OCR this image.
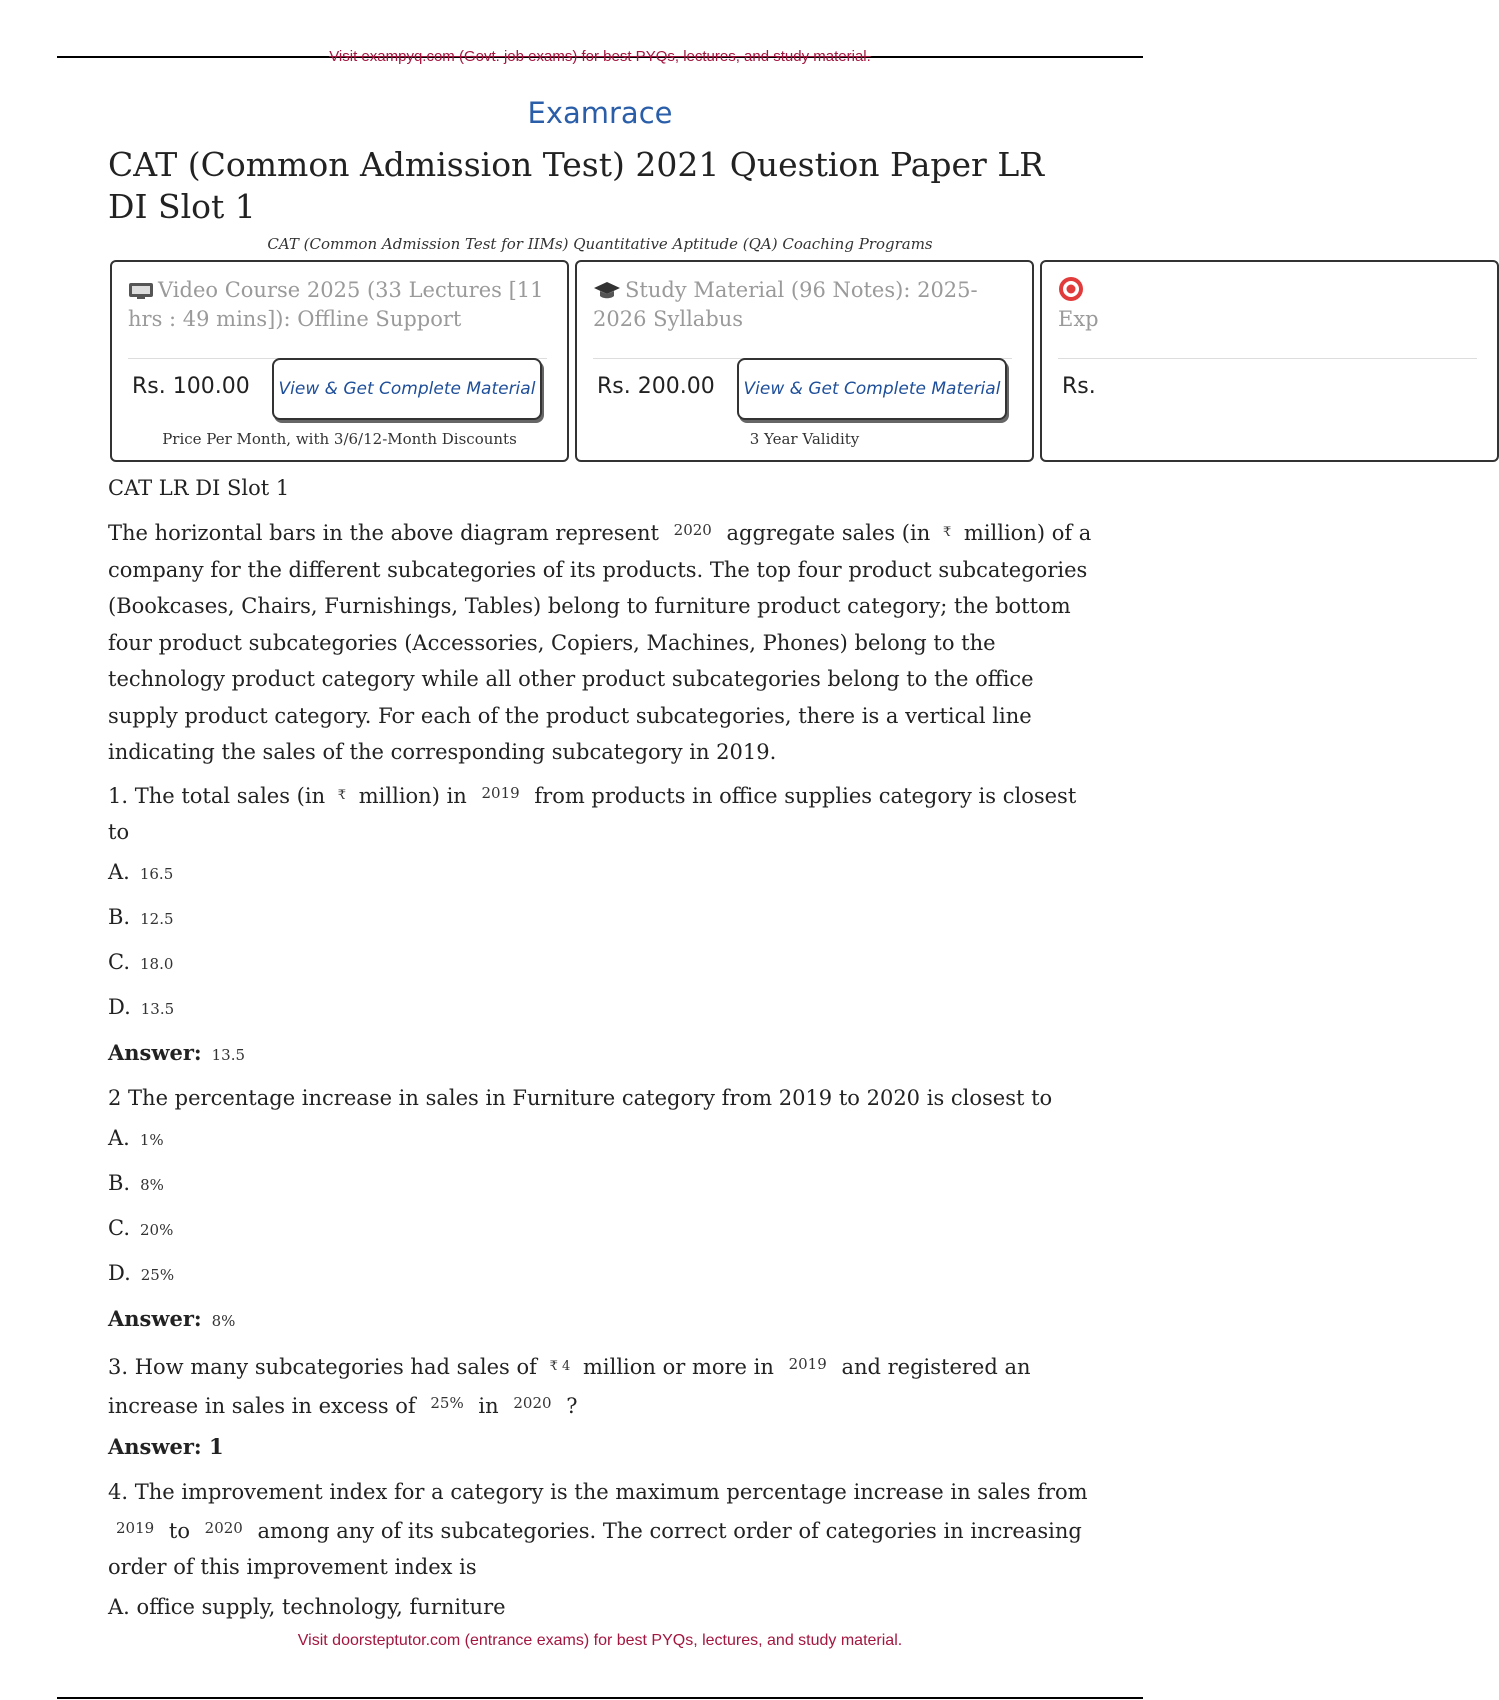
Visit exampyq.com (Govt. job exams) for best PYQs, lectures, and study material.
Examrace
CAT (Common Admission Test) 2021 Question Paper LR DI Slot 1
CAT (Common Admission Test for IIMs) Quantitative Aptitude (QA) Coaching Programs
Video Course 2025 (33 Lectures [11 hrs : 49 mins]): Offline Support
Rs. 100.00	View & Get Complete Material
Price Per Month, with 3/6/12-Month Discounts
Study Material (96 Notes): 2025-2026 Syllabus
Rs. 200.00	View & Get Complete Material
3 Year Validity

Exp
Rs.

CAT LR DI Slot 1

The horizontal bars in the above diagram represent $^{2020}$ aggregate sales (in ₹ million) of a company for the different subcategories of its products. The top four product subcategories (Bookcases, Chairs, Furnishings, Tables) belong to furniture product category; the bottom four product subcategories (Accessories, Copiers, Machines, Phones) belong to the technology product category while all other product subcategories belong to the office supply product category. For each of the product subcategories, there is a vertical line indicating the sales of the corresponding subcategory in 2019.

1. The total sales (in ₹ million) in $^{2019}$ from products in office supplies category is closest to

A. 16.5
B. 12.5
C. 18.0
D. 13.5
Answer: 13.5

2 The percentage increase in sales in Furniture category from 2019 to 2020 is closest to

A. 1%
B. 8%
C. 20%
D. 25%
Answer: 8%

3. How many subcategories had sales of ₹ 4 million or more in $^{2019}$ and registered an increase in sales in excess of $^{25\%}$ in $^{2020}$ ?

Answer: 1

4. The improvement index for a category is the maximum percentage increase in sales from $^{2019}$ to $^{2020}$ among any of its subcategories. The correct order of categories in increasing order of this improvement index is

A. office supply, technology, furniture
Visit doorsteptutor.com (entrance exams) for best PYQs, lectures, and study material.
